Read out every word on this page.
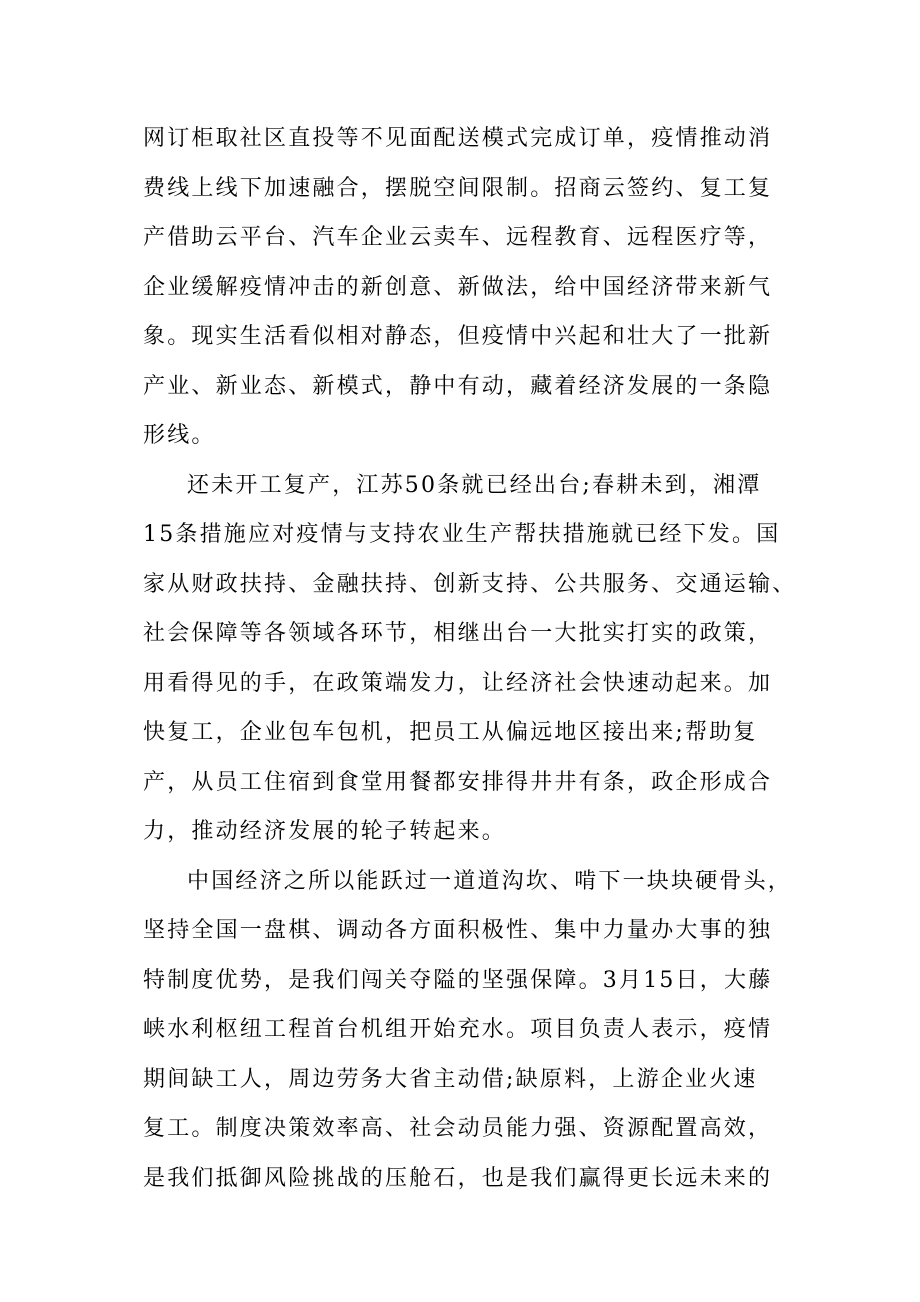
网订柜取社区直投等不见面配送模式完成订单，疫情推动消
费线上线下加速融合，摆脱空间限制。招商云签约、复工复
产借助云平台、汽车企业云卖车、远程教育、远程医疗等，
企业缓解疫情冲击的新创意、新做法，给中国经济带来新气
象。现实生活看似相对静态，但疫情中兴起和壮大了一批新
产业、新业态、新模式，静中有动，藏着经济发展的一条隐
形线。
还未开工复产，江苏50条就已经出台;春耕未到，湘潭
15条措施应对疫情与支持农业生产帮扶措施就已经下发。国
家从财政扶持、金融扶持、创新支持、公共服务、交通运输、
社会保障等各领域各环节，相继出台一大批实打实的政策，
用看得见的手，在政策端发力，让经济社会快速动起来。加
快复工，企业包车包机，把员工从偏远地区接出来;帮助复
产，从员工住宿到食堂用餐都安排得井井有条，政企形成合
力，推动经济发展的轮子转起来。
中国经济之所以能跃过一道道沟坎、啃下一块块硬骨头，
坚持全国一盘棋、调动各方面积极性、集中力量办大事的独
特制度优势，是我们闯关夺隘的坚强保障。3月15日，大藤
峡水利枢纽工程首台机组开始充水。项目负责人表示，疫情
期间缺工人，周边劳务大省主动借;缺原料，上游企业火速
复工。制度决策效率高、社会动员能力强、资源配置高效，
是我们抵御风险挑战的压舱石，也是我们赢得更长远未来的
